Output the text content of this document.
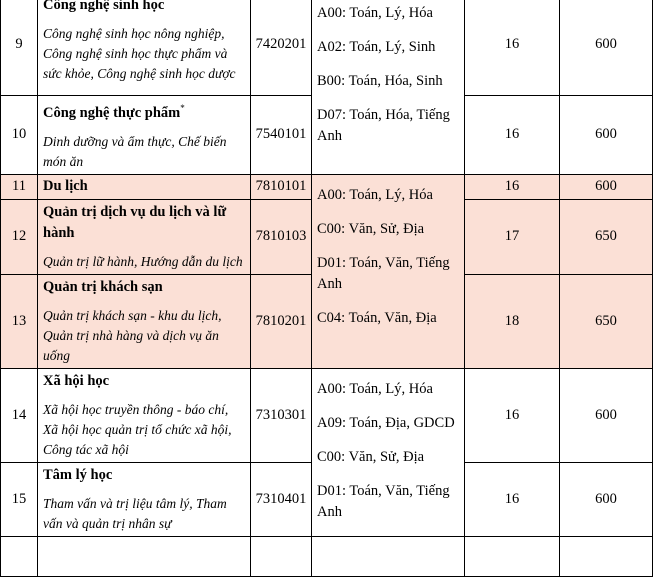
9	Công nghệ sinh học
Công nghệ sinh học nông nghiệp, Công nghệ sinh học thực phẩm và sức khỏe, Công nghệ sinh học dược	7420201	A00: Toán, Lý, Hóa
A02: Toán, Lý, Sinh
B00: Toán, Hóa, Sinh
D07: Toán, Hóa, Tiếng Anh	16	600
10	Công nghệ thực phẩm*
Dinh dưỡng và ẩm thực, Chế biến món ăn	7540101		16	600
11	Du lịch	7810101	A00: Toán, Lý, Hóa
C00: Văn, Sử, Địa
D01: Toán, Văn, Tiếng Anh
C04: Toán, Văn, Địa	16	600
12	Quản trị dịch vụ du lịch và lữ hành
Quản trị lữ hành, Hướng dẫn du lịch	7810103		17	650
13	Quản trị khách sạn
Quản trị khách sạn - khu du lịch, Quản trị nhà hàng và dịch vụ ăn uống	7810201		18	650
14	Xã hội học
Xã hội học truyền thông - báo chí, Xã hội học quản trị tổ chức xã hội, Công tác xã hội	7310301	A00: Toán, Lý, Hóa
A09: Toán, Địa, GDCD
C00: Văn, Sử, Địa
D01: Toán, Văn, Tiếng Anh	16	600
15	Tâm lý học
Tham vấn và trị liệu tâm lý, Tham vấn và quản trị nhân sự	7310401		16	600
